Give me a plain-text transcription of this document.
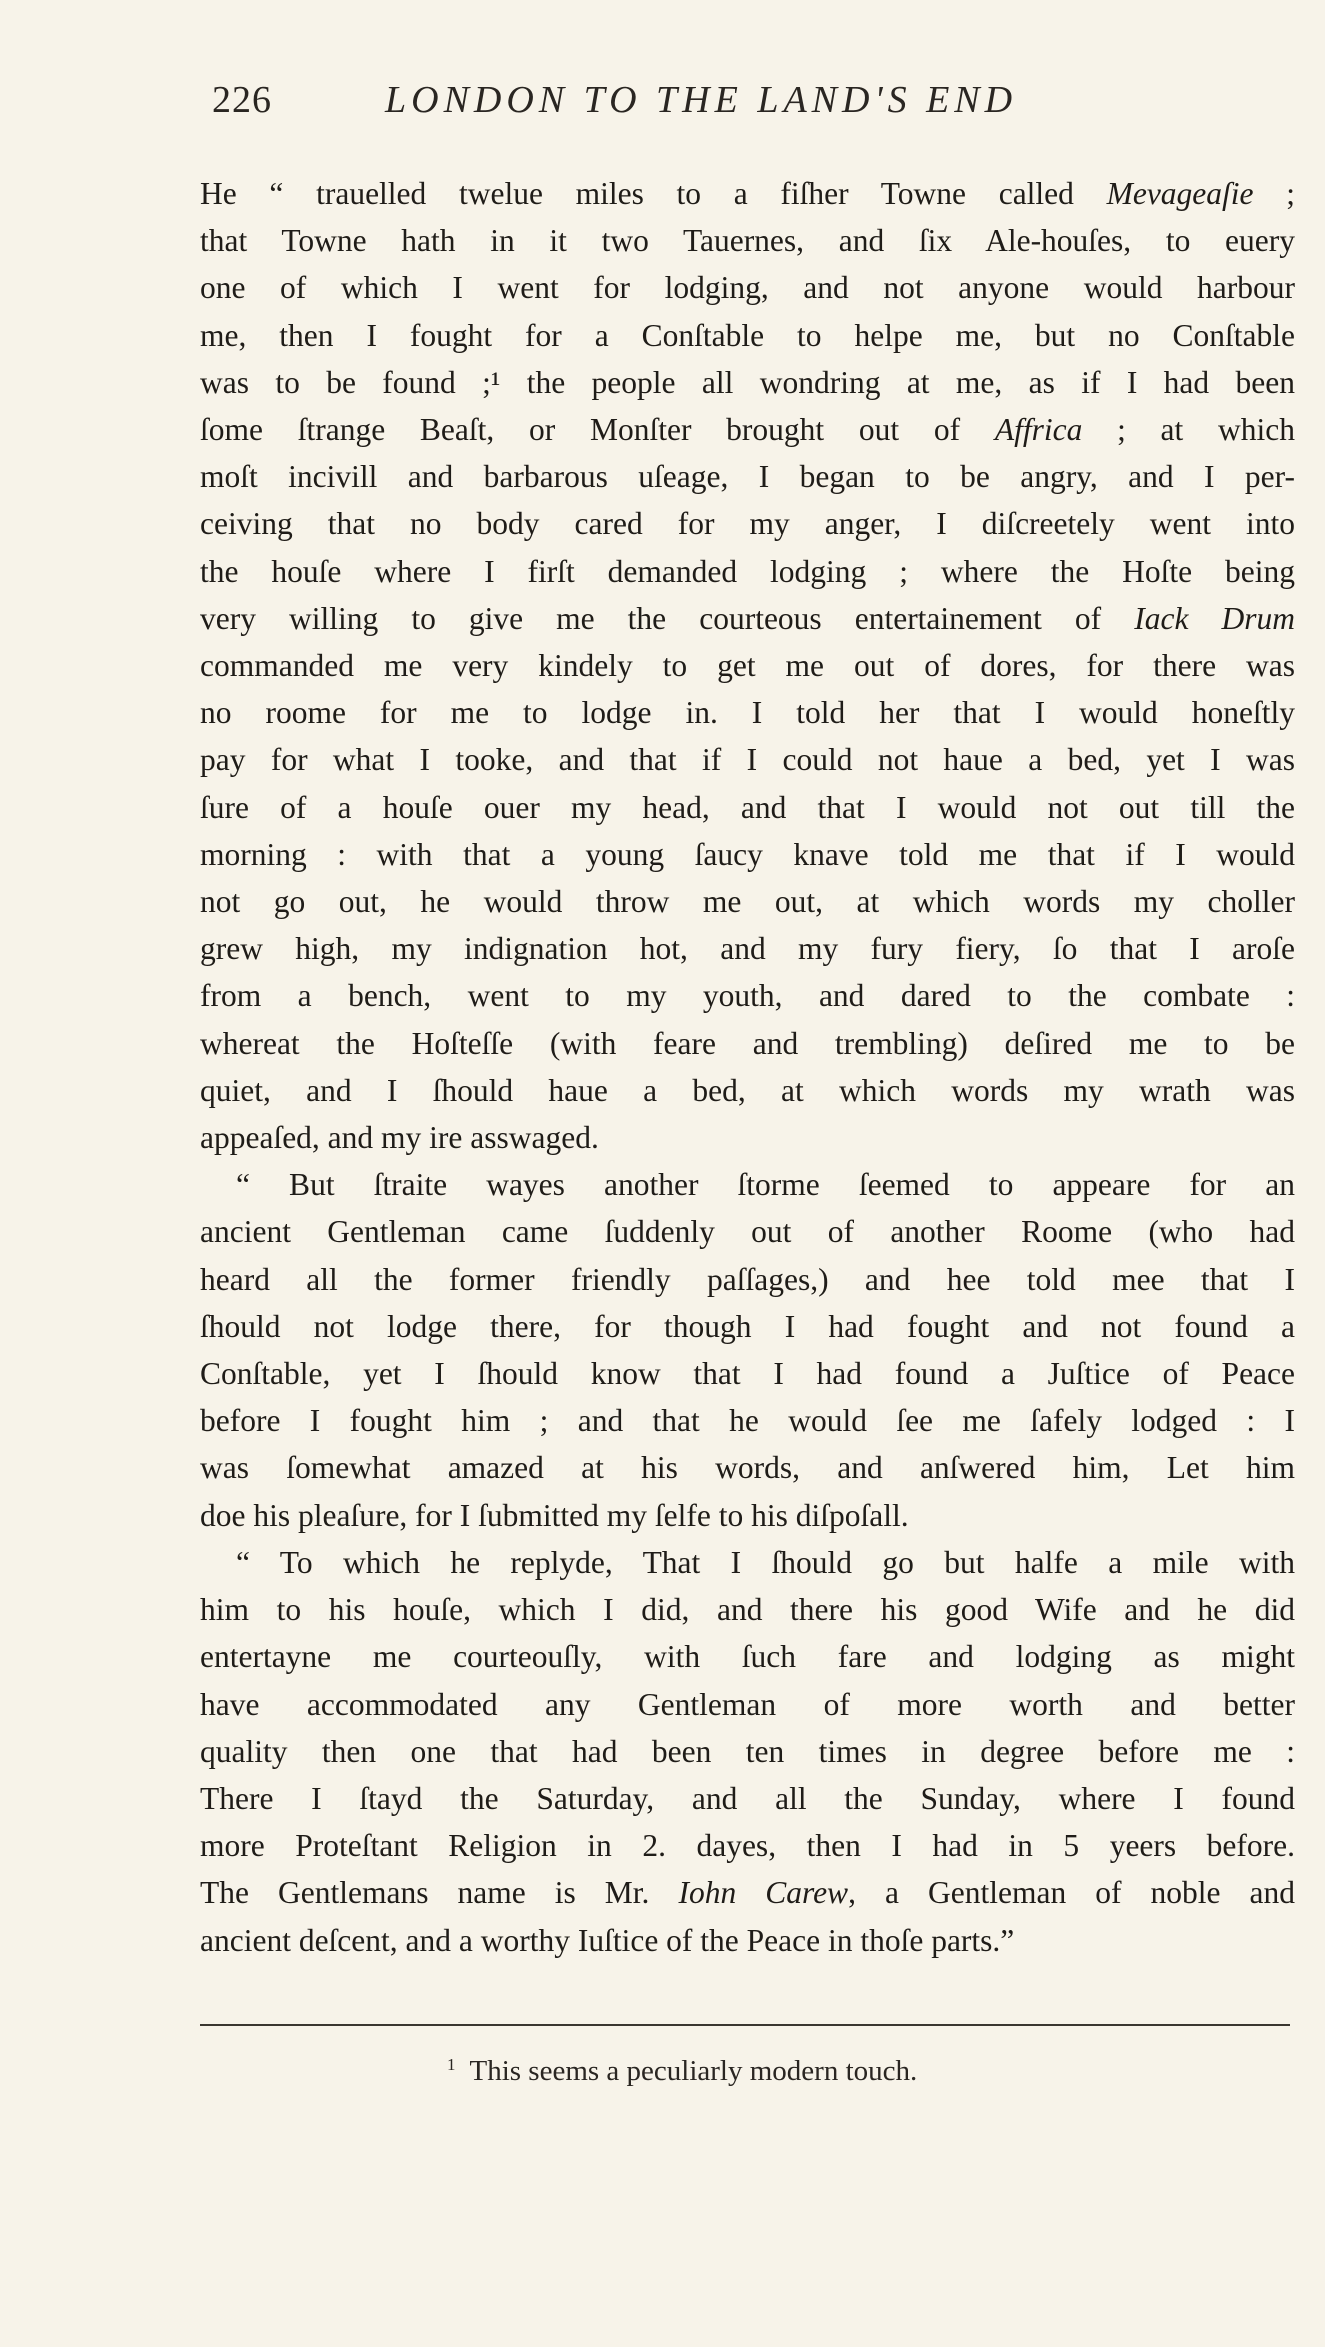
226	LONDON TO THE LAND'S END
He “ trauelled twelue miles to a fiſher Towne called Mevageaſie ;
that Towne hath in it two Tauernes, and ſix Ale-houſes, to euery
one of which I went for lodging, and not anyone would harbour
me, then I fought for a Conſtable to helpe me, but no Conſtable
was to be found ;¹ the people all wondring at me, as if I had been
ſome ſtrange Beaſt, or Monſter brought out of Affrica ; at which
moſt incivill and barbarous uſeage, I began to be angry, and I per-
ceiving that no body cared for my anger, I diſcreetely went into
the houſe where I firſt demanded lodging ; where the Hoſte being
very willing to give me the courteous entertainement of Iack Drum
commanded me very kindely to get me out of dores, for there was
no roome for me to lodge in. I told her that I would honeſtly
pay for what I tooke, and that if I could not haue a bed, yet I was
ſure of a houſe ouer my head, and that I would not out till the
morning : with that a young ſaucy knave told me that if I would
not go out, he would throw me out, at which words my choller
grew high, my indignation hot, and my fury fiery, ſo that I aroſe
from a bench, went to my youth, and dared to the combate :
whereat the Hoſteſſe (with feare and trembling) deſired me to be
quiet, and I ſhould haue a bed, at which words my wrath was
appeaſed, and my ire asswaged.
“ But ſtraite wayes another ſtorme ſeemed to appeare for an
ancient Gentleman came ſuddenly out of another Roome (who had
heard all the former friendly paſſages,) and hee told mee that I
ſhould not lodge there, for though I had fought and not found a
Conſtable, yet I ſhould know that I had found a Juſtice of Peace
before I fought him ; and that he would ſee me ſafely lodged : I
was ſomewhat amazed at his words, and anſwered him, Let him
doe his pleaſure, for I ſubmitted my ſelfe to his diſpoſall.
“ To which he replyde, That I ſhould go but halfe a mile with
him to his houſe, which I did, and there his good Wife and he did
entertayne me courteouſly, with ſuch fare and lodging as might
have accommodated any Gentleman of more worth and better
quality then one that had been ten times in degree before me :
There I ſtayd the Saturday, and all the Sunday, where I found
more Proteſtant Religion in 2. dayes, then I had in 5 yeers before.
The Gentlemans name is Mr. Iohn Carew, a Gentleman of noble and
ancient deſcent, and a worthy Iuſtice of the Peace in thoſe parts.”
$^1$ This seems a peculiarly modern touch.
